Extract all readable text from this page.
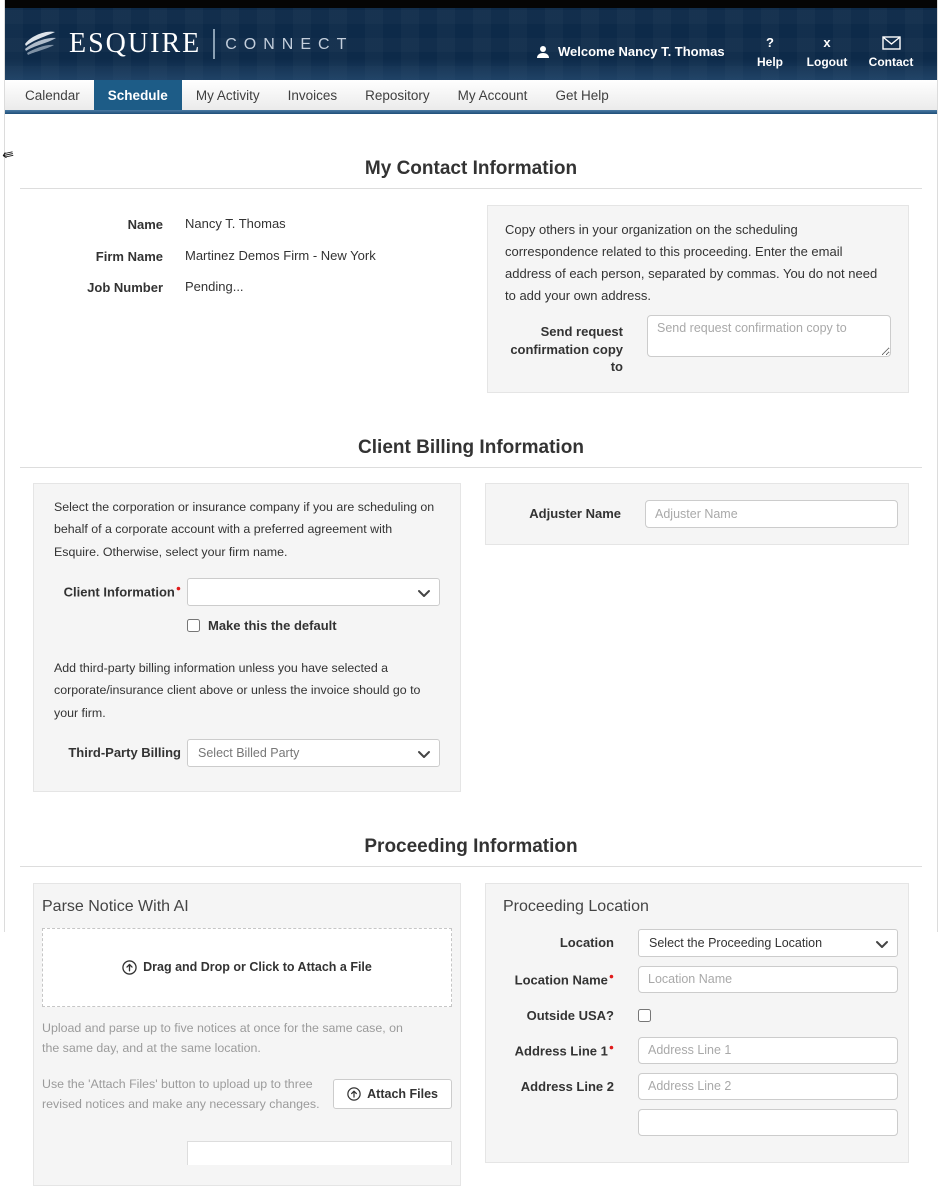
ESQUIRE CONNECT	Welcome Nancy T. Thomas
?
Help
x
Logout	Contact
Calendar	Schedule	My Activity	Invoices	Repository	My Account	Get Help
⇚
My Contact Information
Name Nancy T. Thomas
Firm Name Martinez Demos Firm - New York
Job Number Pending...

Copy others in your organization on the scheduling correspondence related to this proceeding. Enter the email address of each person, separated by commas. You do not need to add your own address.

Send request confirmation copy to
Send request confirmation copy to
Client Billing Information

Select the corporation or insurance company if you are scheduling on behalf of a corporate account with a preferred agreement with Esquire. Otherwise, select your firm name.

Client Information ●
Make this the default

Add third-party billing information unless you have selected a corporate/insurance client above or unless the invoice should go to your firm.

Third-Party Billing Select Billed Party
Adjuster Name
Adjuster Name
Proceeding Information
Parse Notice With AI
Drag and Drop or Click to Attach a File

Upload and parse up to five notices at once for the same case, on the same day, and at the same location.

Use the 'Attach Files' button to upload up to three revised notices and make any necessary changes.

Attach Files
Proceeding Location
Location	Select the Proceeding Location
Location Name ●
Location Name
Outside USA?
Address Line 1 ●
Address Line 1
Address Line 2
Address Line 2
